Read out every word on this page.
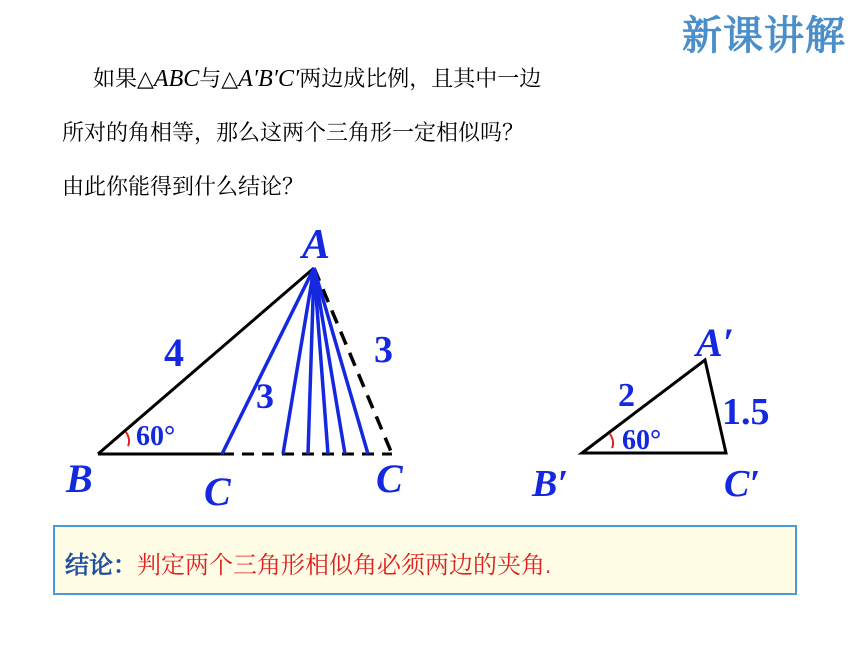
新课讲解
如果△ABC与△A′B′C′两边成比例，且其中一边
所对的角相等，那么这两个三角形一定相似吗？
由此你能得到什么结论？
A
B	C	C
4
3
3
60°
A′
B′	C′
2 1.5
60°
结论：判定两个三角形相似角必须两边的夹角.
